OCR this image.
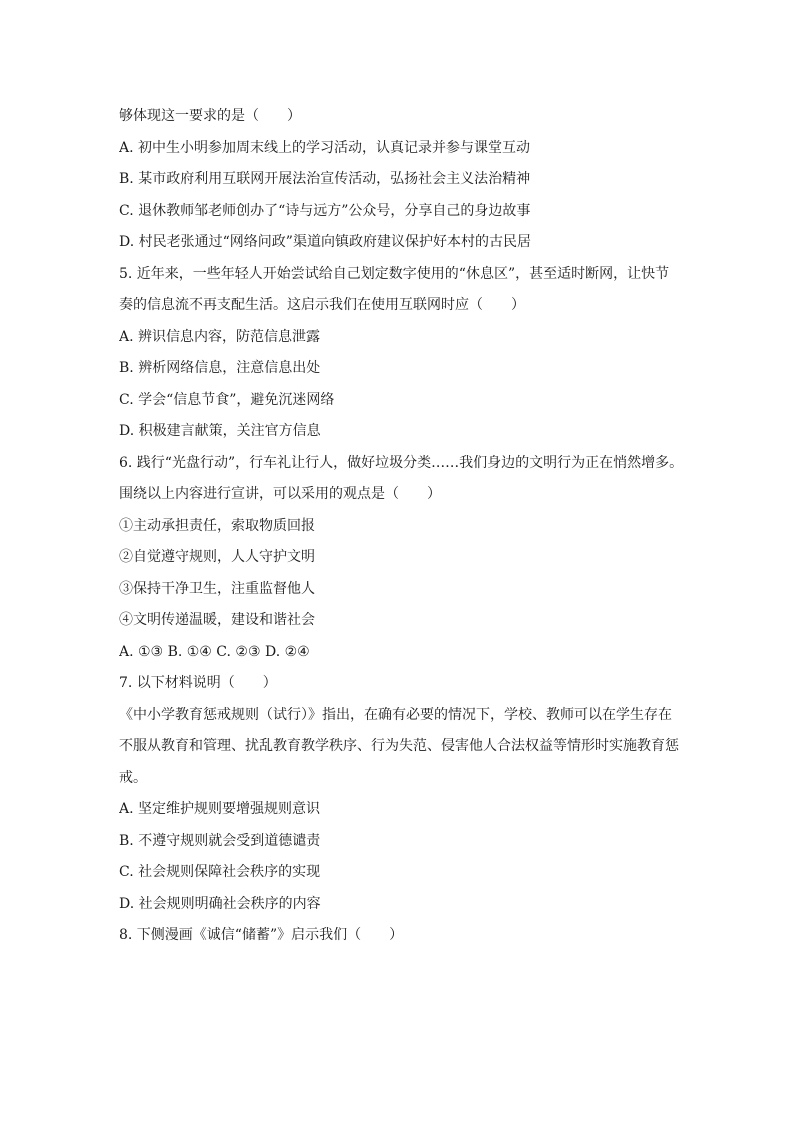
够体现这一要求的是（　　）
A. 初中生小明参加周末线上的学习活动，认真记录并参与课堂互动
B. 某市政府利用互联网开展法治宣传活动，弘扬社会主义法治精神
C. 退休教师邹老师创办了“诗与远方”公众号，分享自己的身边故事
D. 村民老张通过“网络问政”渠道向镇政府建议保护好本村的古民居
5. 近年来，一些年轻人开始尝试给自己划定数字使用的“休息区”，甚至适时断网，让快节
奏的信息流不再支配生活。这启示我们在使用互联网时应（　　）
A. 辨识信息内容，防范信息泄露
B. 辨析网络信息，注意信息出处
C. 学会“信息节食”，避免沉迷网络
D. 积极建言献策，关注官方信息
6. 践行“光盘行动”，行车礼让行人，做好垃圾分类……我们身边的文明行为正在悄然增多。
围绕以上内容进行宣讲，可以采用的观点是（　　）
①主动承担责任，索取物质回报
②自觉遵守规则，人人守护文明
③保持干净卫生，注重监督他人
④文明传递温暖，建设和谐社会
A. ①③ B. ①④ C. ②③ D. ②④
7. 以下材料说明（　　）
《中小学教育惩戒规则（试行）》指出，在确有必要的情况下，学校、教师可以在学生存在
不服从教育和管理、扰乱教育教学秩序、行为失范、侵害他人合法权益等情形时实施教育惩
戒。
A. 坚定维护规则要增强规则意识
B. 不遵守规则就会受到道德谴责
C. 社会规则保障社会秩序的实现
D. 社会规则明确社会秩序的内容
8. 下侧漫画《诚信“储蓄”》启示我们（　　）
